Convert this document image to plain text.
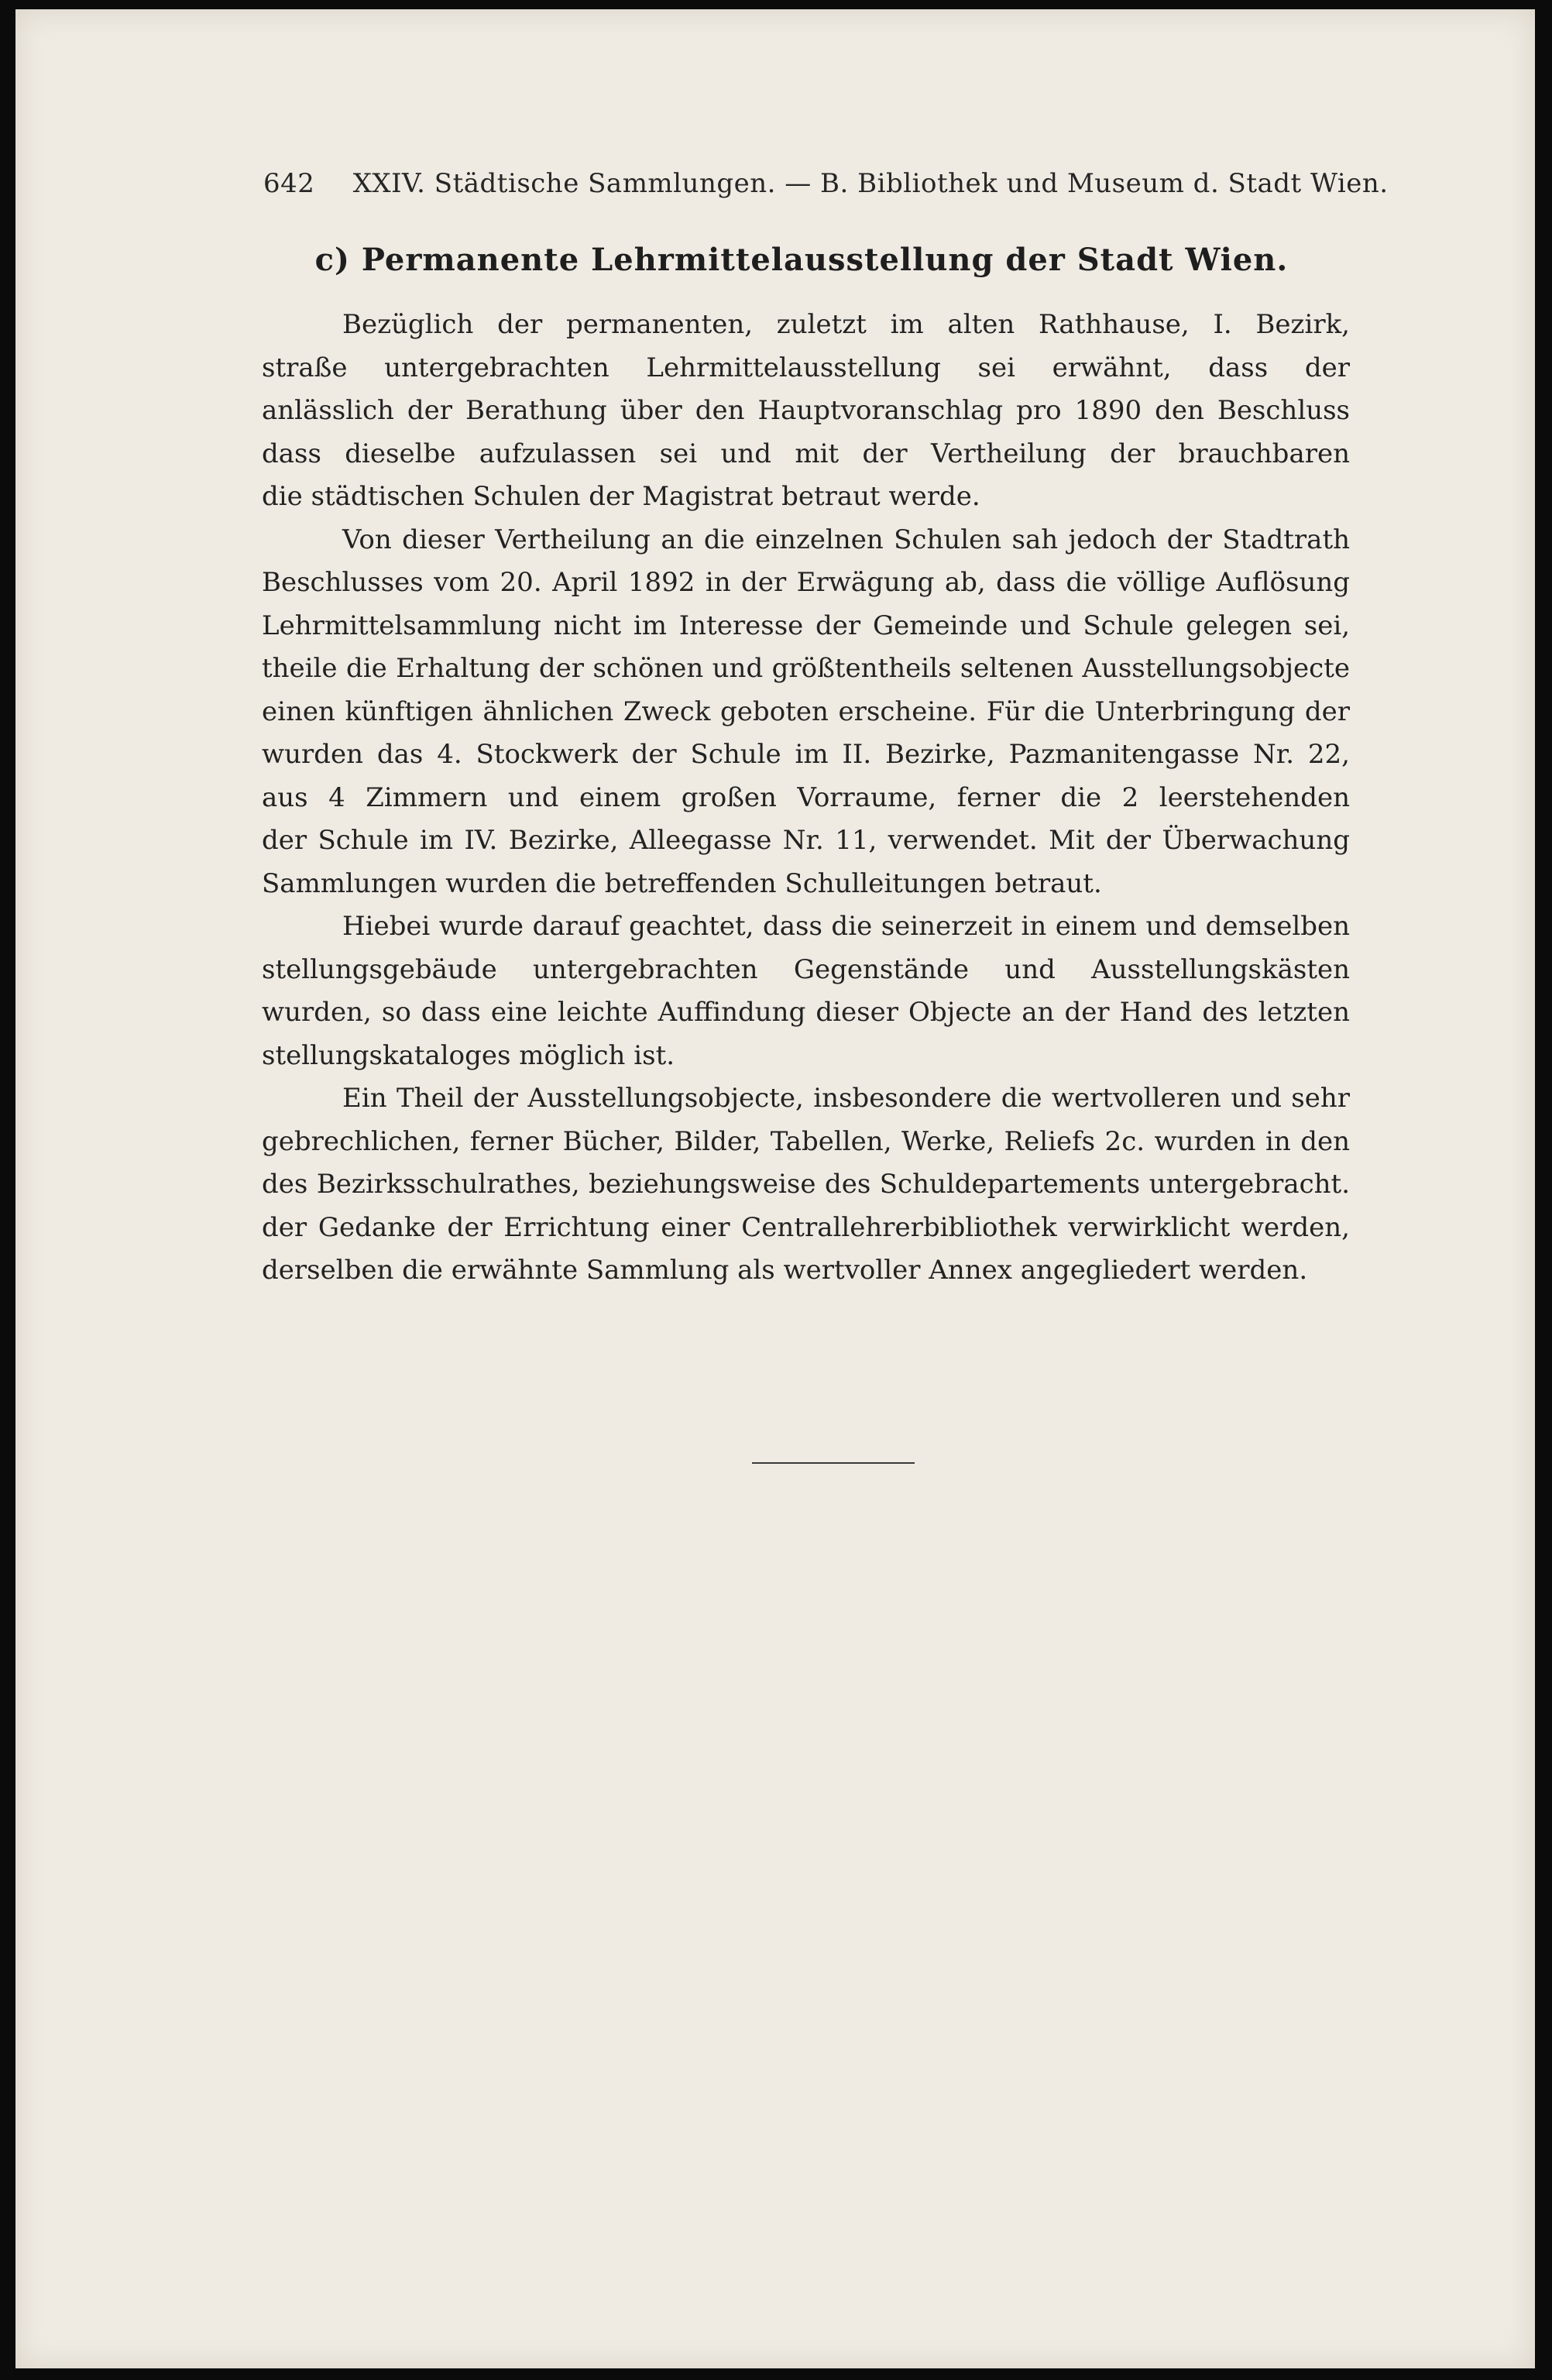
642 XXIV. Städtische Sammlungen. — B. Bibliothek und Museum d. Stadt Wien.
c) Permanente Lehrmittelausstellung der Stadt Wien.
Bezüglich der permanenten, zuletzt im alten Rathhause, I. Bezirk,
straße untergebrachten Lehrmittelausstellung sei erwähnt, dass der
anlässlich der Berathung über den Hauptvoranschlag pro 1890 den Beschluss
dass dieselbe aufzulassen sei und mit der Vertheilung der brauchbaren
die städtischen Schulen der Magistrat betraut werde.
Von dieser Vertheilung an die einzelnen Schulen sah jedoch der Stadtrath
Beschlusses vom 20. April 1892 in der Erwägung ab, dass die völlige Auflösung
Lehrmittelsammlung nicht im Interesse der Gemeinde und Schule gelegen sei,
theile die Erhaltung der schönen und größtentheils seltenen Ausstellungsobjecte
einen künftigen ähnlichen Zweck geboten erscheine. Für die Unterbringung der
wurden das 4. Stockwerk der Schule im II. Bezirke, Pazmanitengasse Nr. 22,
aus 4 Zimmern und einem großen Vorraume, ferner die 2 leerstehenden
der Schule im IV. Bezirke, Alleegasse Nr. 11, verwendet. Mit der Überwachung
Sammlungen wurden die betreffenden Schulleitungen betraut.
Hiebei wurde darauf geachtet, dass die seinerzeit in einem und demselben
stellungsgebäude untergebrachten Gegenstände und Ausstellungskästen
wurden, so dass eine leichte Auffindung dieser Objecte an der Hand des letzten
stellungskataloges möglich ist.
Ein Theil der Ausstellungsobjecte, insbesondere die wertvolleren und sehr
gebrechlichen, ferner Bücher, Bilder, Tabellen, Werke, Reliefs 2c. wurden in den
des Bezirksschulrathes, beziehungsweise des Schuldepartements untergebracht.
der Gedanke der Errichtung einer Centrallehrerbibliothek verwirklicht werden,
derselben die erwähnte Sammlung als wertvoller Annex angegliedert werden.
